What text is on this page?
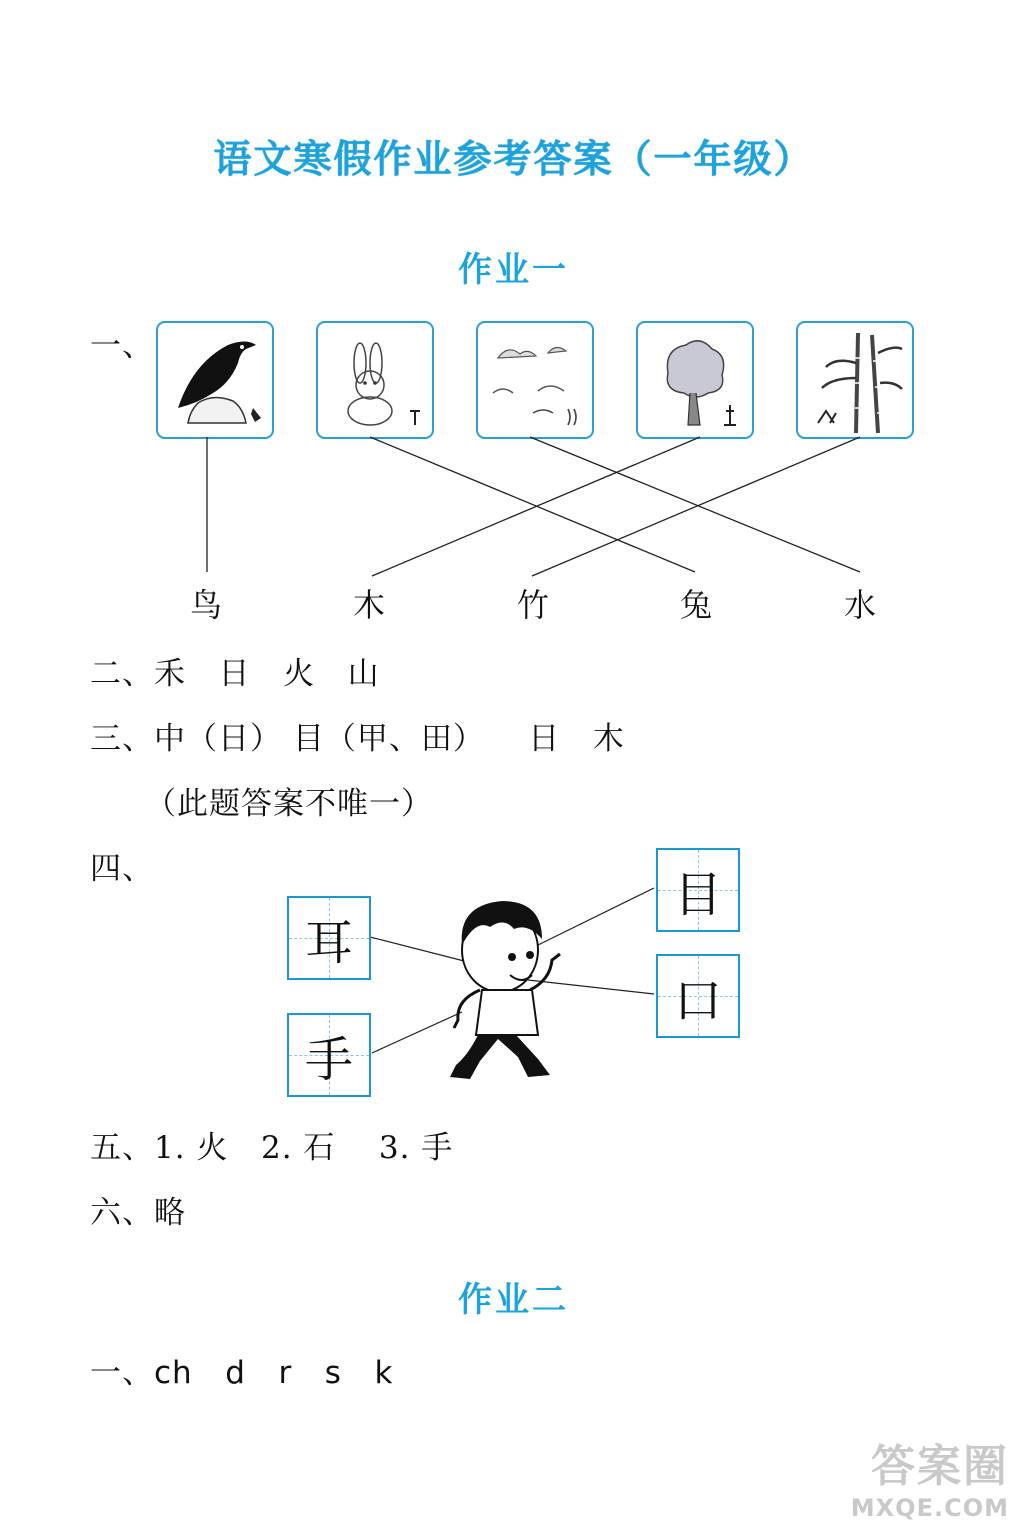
语文寒假作业参考答案（一年级）
作业一
一、
鸟	木	竹	兔	水
二、禾   日   火   山
三、中（日） 目（甲、田）    日   木
（此题答案不唯一）
四、
耳
手
目
口
五、1. 火   2. 石    3. 手
六、略
作业二
一、ch   d   r   s   k
答案圈
MXQE.COM
